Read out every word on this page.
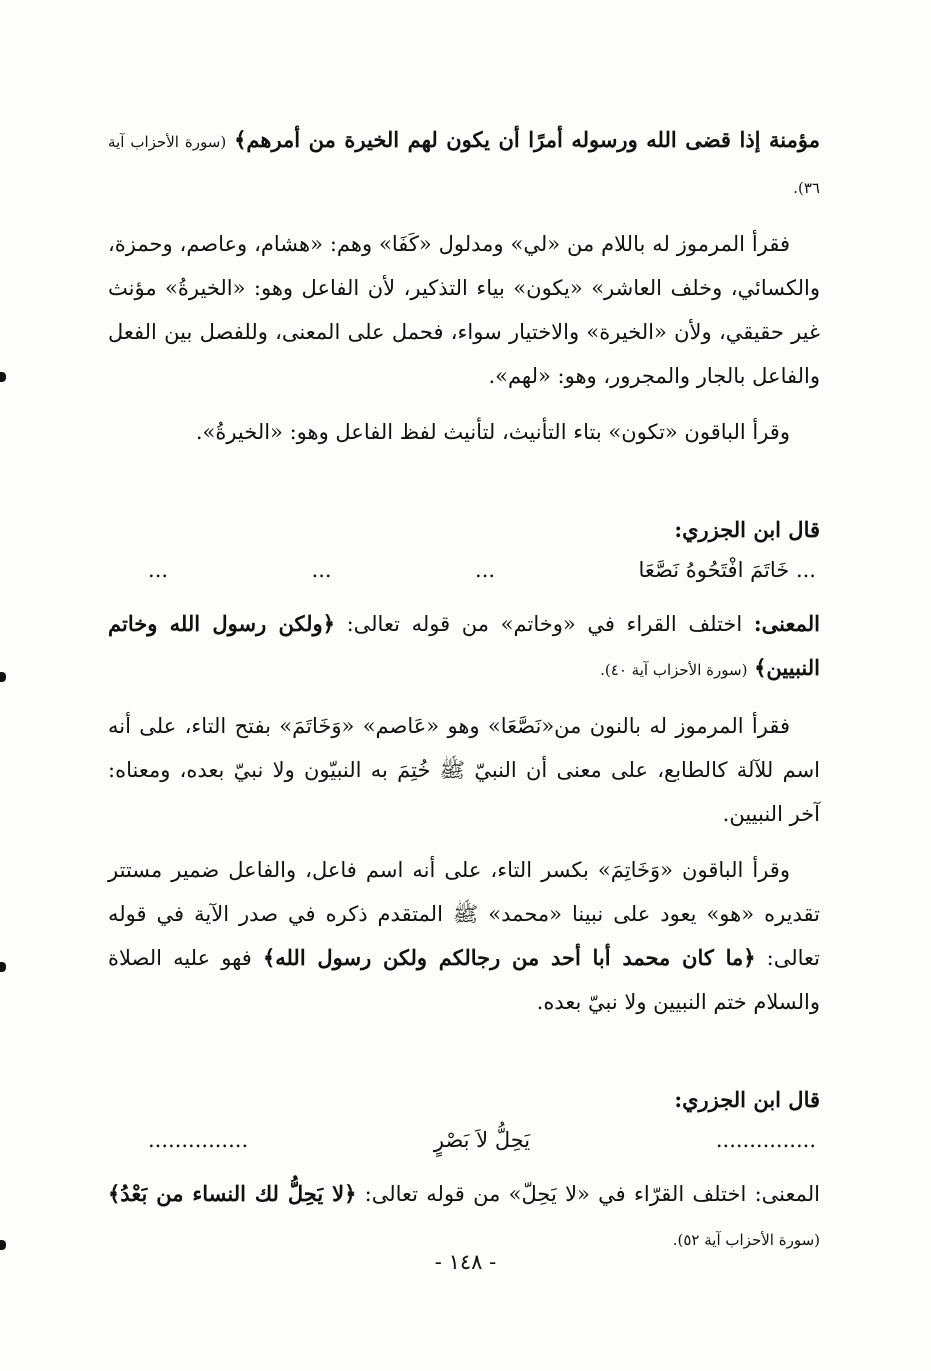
مؤمنة إذا قضى الله ورسوله أمرًا أن يكون لهم الخيرة من أمرهم﴾ (سورة الأحزاب آية ٣٦).

فقرأ المرموز له باللام من «لي» ومدلول «كَفَا» وهم: «هشام، وعاصم، وحمزة، والكسائي، وخلف العاشر» «يكون» بياء التذكير، لأن الفاعل وهو: «الخيرةُ» مؤنث غير حقيقي، ولأن «الخيرة» والاختيار سواء، فحمل على المعنى، وللفصل بين الفعل والفاعل بالجار والمجرور، وهو: «لهم».

وقرأ الباقون «تكون» بتاء التأنيث، لتأنيث لفظ الفاعل وهو: «الخيرةُ».

قال ابن الجزري:

... خَاتَمَ افْتَحُوهُ نَصَّعَا
...
...
...

المعنى: اختلف القراء في «وخاتم» من قوله تعالى: ﴿ولكن رسول الله وخاتم النبيين﴾ (سورة الأحزاب آية ٤٠).

فقرأ المرموز له بالنون من«نَصَّعَا» وهو «عَاصم» «وَخَاتَمَ» بفتح التاء، على أنه اسم للآلة كالطابع، على معنى أن النبيّ ﷺ خُتِمَ به النبيّون ولا نبيّ بعده، ومعناه: آخر النبيين.

وقرأ الباقون «وَخَاتِمَ» بكسر التاء، على أنه اسم فاعل، والفاعل ضمير مستتر تقديره «هو» يعود على نبينا «محمد» ﷺ المتقدم ذكره في صدر الآية في قوله تعالى: ﴿ما كان محمد أبا أحد من رجالكم ولكن رسول الله﴾ فهو عليه الصلاة والسلام ختم النبيين ولا نبيّ بعده.

قال ابن الجزري:

...............
يَحِلُّ لاَ بَصْرٍ
...............

المعنى: اختلف القرّاء في «لا يَحِلّ» من قوله تعالى: ﴿لا يَحِلُّ لك النساء من بَعْدُ﴾ (سورة الأحزاب آية ٥٢).

- ١٤٨ -
